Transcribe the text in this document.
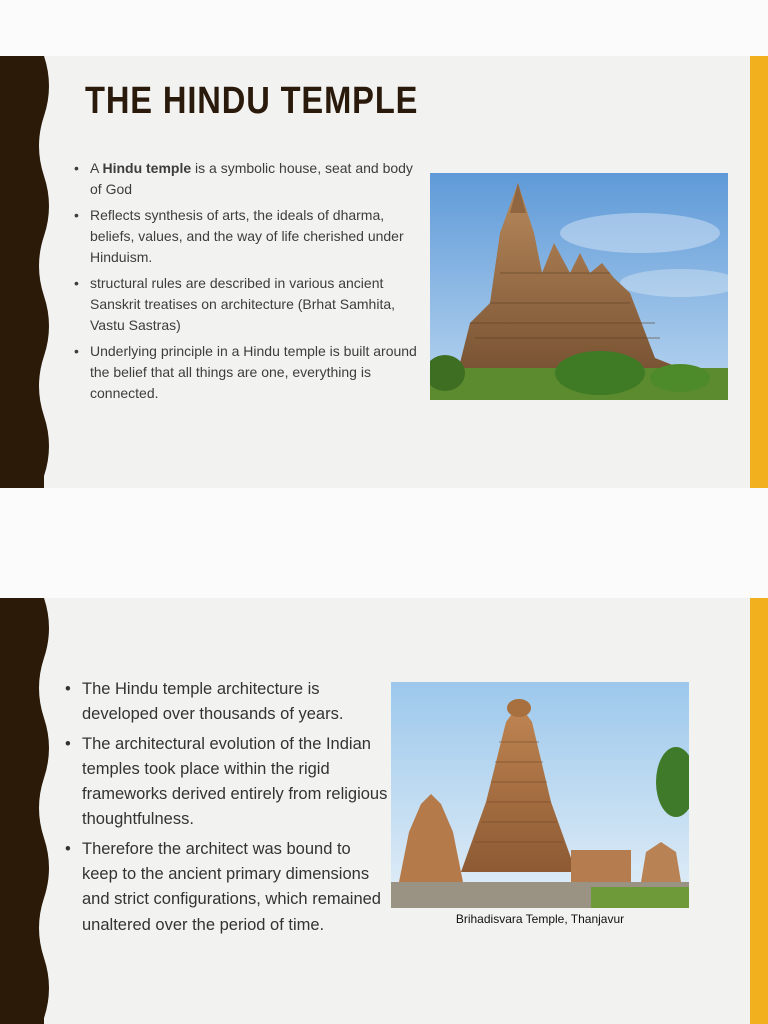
THE HINDU TEMPLE
• A Hindu temple is a symbolic house, seat and body of God
• Reflects synthesis of arts, the ideals of dharma, beliefs, values, and the way of life cherished under Hinduism.
• structural rules are described in various ancient Sanskrit treatises on architecture (Brhat Samhita, Vastu Sastras)
• Underlying principle in a Hindu temple is built around the belief that all things are one, everything is connected.
• The Hindu temple architecture is developed over thousands of years.
• The architectural evolution of the Indian temples took place within the rigid frameworks derived entirely from religious thoughtfulness.
• Therefore the architect was bound to keep to the ancient primary dimensions and strict configurations, which remained unaltered over the period of time.	Brihadisvara Temple, Thanjavur
